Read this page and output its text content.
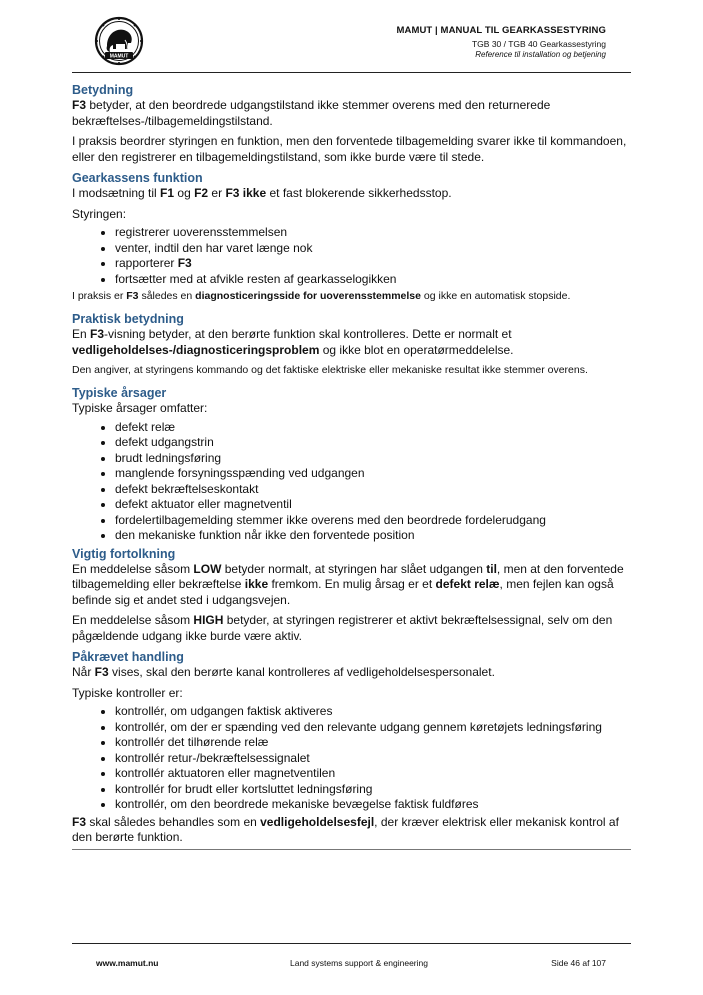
MAMUT
MAMUT | MANUAL TIL GEARKASSESTYRING
TGB 30 / TGB 40 Gearkassestyring
Reference til installation og betjening
Betydning

F3 betyder, at den beordrede udgangstilstand ikke stemmer overens med den returnerede bekræftelses-/tilbagemeldingstilstand.

I praksis beordrer styringen en funktion, men den forventede tilbagemelding svarer ikke til kommandoen, eller den registrerer en tilbagemeldingstilstand, som ikke burde være til stede.

Gearkassens funktion

I modsætning til F1 og F2 er F3 ikke et fast blokerende sikkerhedsstop.

Styringen:

• registrerer uoverensstemmelsen
• venter, indtil den har varet længe nok
• rapporterer F3
• fortsætter med at afvikle resten af gearkasselogikken

I praksis er F3 således en diagnosticeringsside for uoverensstemmelse og ikke en automatisk stopside.

Praktisk betydning

En F3-visning betyder, at den berørte funktion skal kontrolleres. Dette er normalt et vedligeholdelses-/diagnosticeringsproblem og ikke blot en operatørmeddelelse.

Den angiver, at styringens kommando og det faktiske elektriske eller mekaniske resultat ikke stemmer overens.

Typiske årsager

Typiske årsager omfatter:

• defekt relæ
• defekt udgangstrin
• brudt ledningsføring
• manglende forsyningsspænding ved udgangen
• defekt bekræftelseskontakt
• defekt aktuator eller magnetventil
• fordelertilbagemelding stemmer ikke overens med den beordrede fordelerudgang
• den mekaniske funktion når ikke den forventede position
Vigtig fortolkning

En meddelelse såsom LOW betyder normalt, at styringen har slået udgangen til, men at den forventede tilbagemelding eller bekræftelse ikke fremkom. En mulig årsag er et defekt relæ, men fejlen kan også befinde sig et andet sted i udgangsvejen.

En meddelelse såsom HIGH betyder, at styringen registrerer et aktivt bekræftelsessignal, selv om den pågældende udgang ikke burde være aktiv.

Påkrævet handling

Når F3 vises, skal den berørte kanal kontrolleres af vedligeholdelsespersonalet.

Typiske kontroller er:

• kontrollér, om udgangen faktisk aktiveres
• kontrollér, om der er spænding ved den relevante udgang gennem køretøjets ledningsføring
• kontrollér det tilhørende relæ
• kontrollér retur-/bekræftelsessignalet
• kontrollér aktuatoren eller magnetventilen
• kontrollér for brudt eller kortsluttet ledningsføring
• kontrollér, om den beordrede mekaniske bevægelse faktisk fuldføres

F3 skal således behandles som en vedligeholdelsesfejl, der kræver elektrisk eller mekanisk kontrol af den berørte funktion.

www.mamut.nu	Land systems support & engineering	Side 46 af 107
